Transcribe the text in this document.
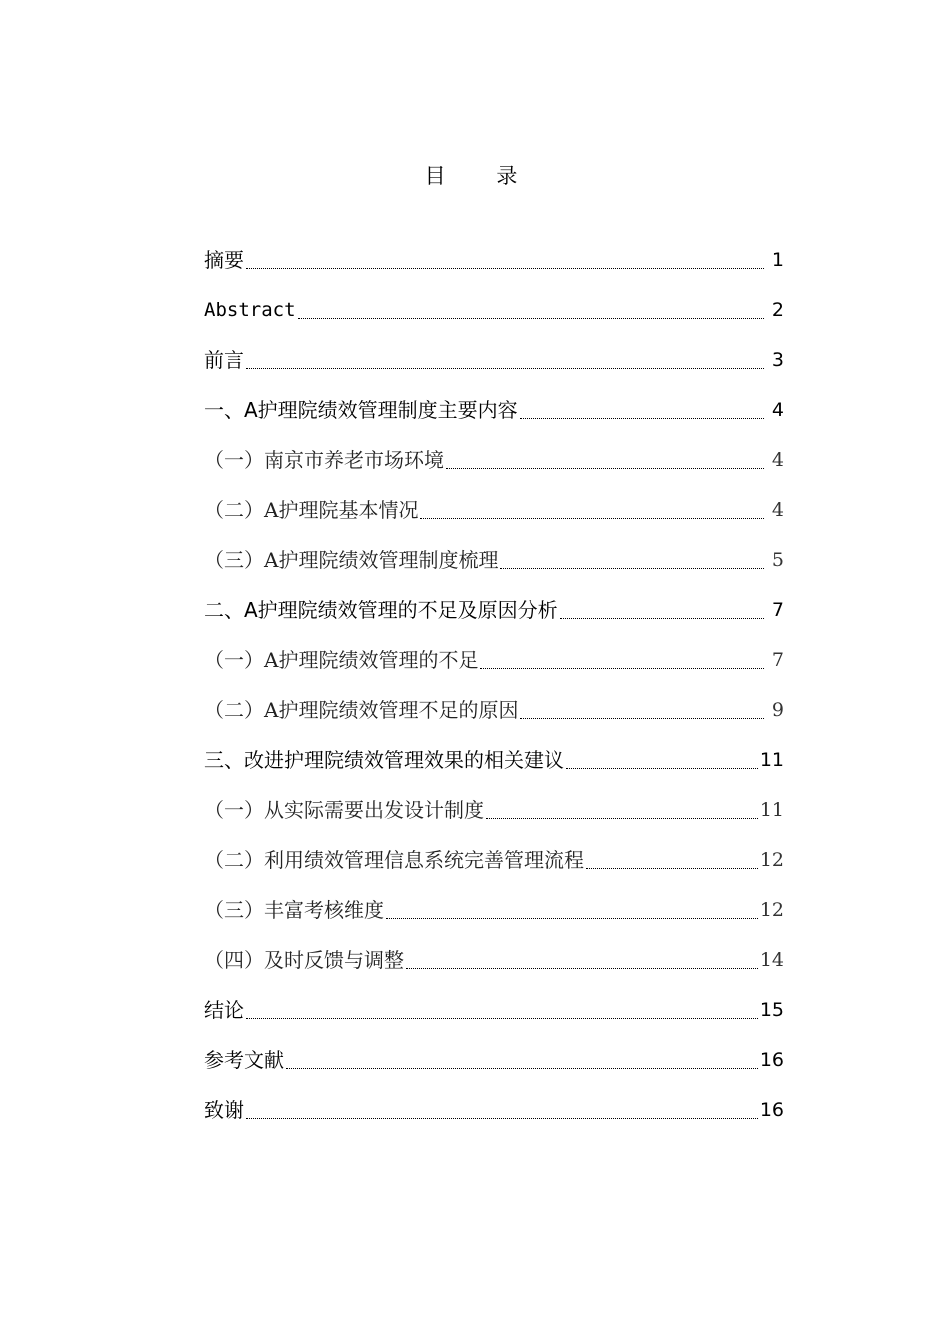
目 录
摘要	1
Abstract	2
前言	3
一、A护理院绩效管理制度主要内容	4
（一）南京市养老市场环境	4
（二）A护理院基本情况	4
（三）A护理院绩效管理制度梳理	5
二、A护理院绩效管理的不足及原因分析	7
（一）A护理院绩效管理的不足	7
（二）A护理院绩效管理不足的原因	9
三、改进护理院绩效管理效果的相关建议	11
（一）从实际需要出发设计制度	11
（二）利用绩效管理信息系统完善管理流程	12
（三）丰富考核维度	12
（四）及时反馈与调整	14
结论	15
参考文献	16
致谢	16
